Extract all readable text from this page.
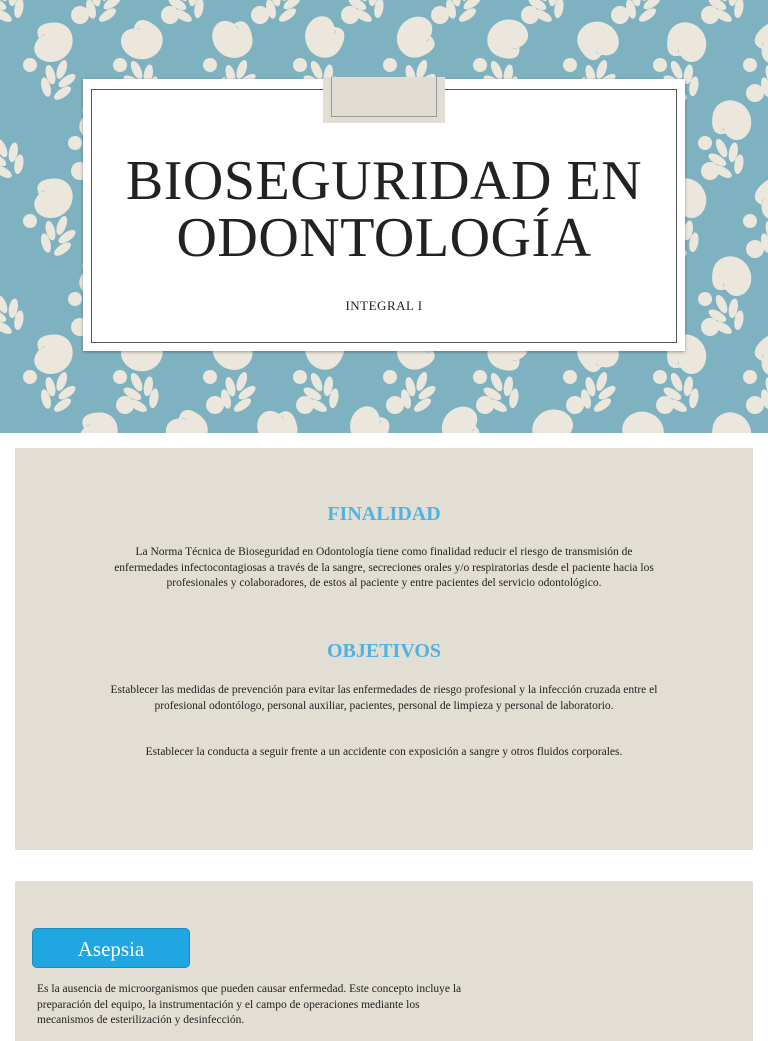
BIOSEGURIDAD EN
ODONTOLOGÍA
INTEGRAL I
FINALIDAD
La Norma Técnica de Bioseguridad en Odontología tiene como finalidad reducir el riesgo de transmisión de enfermedades infectocontagiosas a través de la sangre, secreciones orales y/o respiratorias desde el paciente hacia los profesionales y colaboradores, de estos al paciente y entre pacientes del servicio odontológico.
OBJETIVOS
Establecer las medidas de prevención para evitar las enfermedades de riesgo profesional y la infección cruzada entre el profesional odontólogo, personal auxiliar, pacientes, personal de limpieza y personal de laboratorio.
Establecer la conducta a seguir frente a un accidente con exposición a sangre y otros fluidos corporales.
Asepsia
Es la ausencia de microorganismos que pueden causar enfermedad. Este concepto incluye la preparación del equipo, la instrumentación y el campo de operaciones mediante los mecanismos de esterilización y desinfección.
